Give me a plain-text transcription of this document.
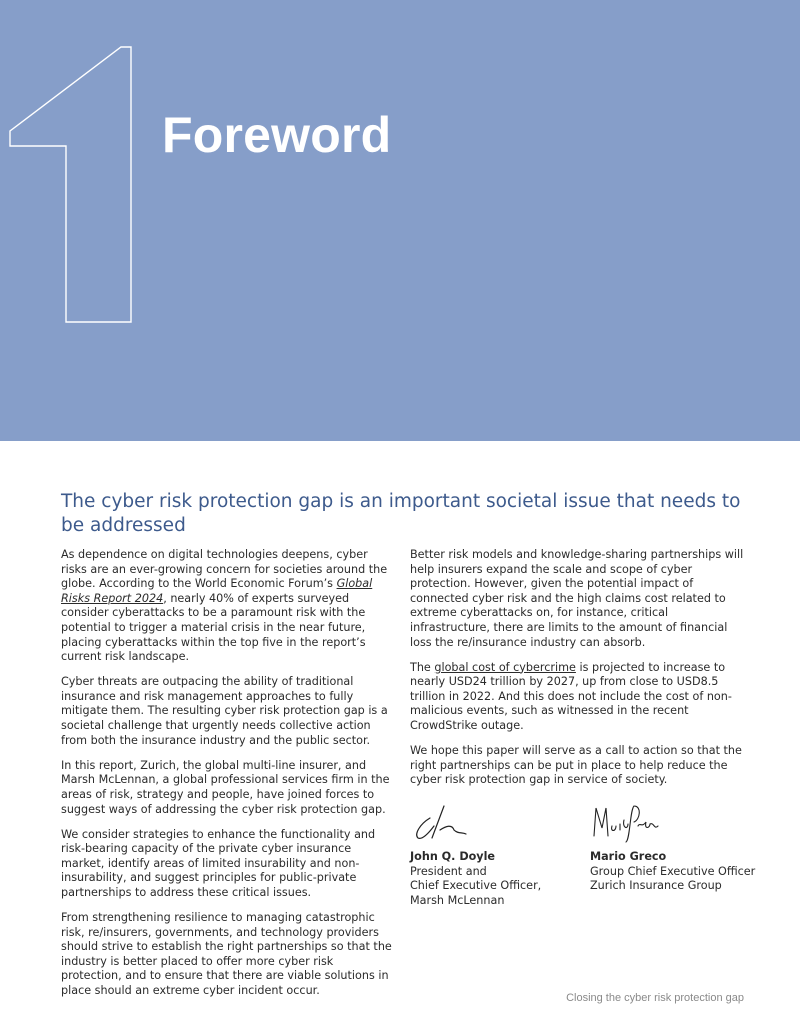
Foreword
The cyber risk protection gap is an important societal issue that needs to be addressed

As dependence on digital technologies deepens, cyber risks are an ever-growing concern for societies around the globe. According to the World Economic Forum’s Global Risks Report 2024, nearly 40% of experts surveyed consider cyberattacks to be a paramount risk with the potential to trigger a material crisis in the near future, placing cyberattacks within the top five in the report’s current risk landscape.

Cyber threats are outpacing the ability of traditional insurance and risk management approaches to fully mitigate them. The resulting cyber risk protection gap is a societal challenge that urgently needs collective action from both the insurance industry and the public sector.

In this report, Zurich, the global multi-line insurer, and Marsh McLennan, a global professional services firm in the areas of risk, strategy and people, have joined forces to suggest ways of addressing the cyber risk protection gap.

We consider strategies to enhance the functionality and risk-bearing capacity of the private cyber insurance market, identify areas of limited insurability and non-insurability, and suggest principles for public-private partnerships to address these critical issues.

From strengthening resilience to managing catastrophic risk, re/insurers, governments, and technology providers should strive to establish the right partnerships so that the industry is better placed to offer more cyber risk protection, and to ensure that there are viable solutions in place should an extreme cyber incident occur.

Better risk models and knowledge-sharing partnerships will help insurers expand the scale and scope of cyber protection. However, given the potential impact of connected cyber risk and the high claims cost related to extreme cyberattacks on, for instance, critical infrastructure, there are limits to the amount of financial loss the re/insurance industry can absorb.

The global cost of cybercrime is projected to increase to nearly USD24 trillion by 2027, up from close to USD8.5 trillion in 2022. And this does not include the cost of non-malicious events, such as witnessed in the recent CrowdStrike outage.

We hope this paper will serve as a call to action so that the right partnerships can be put in place to help reduce the cyber risk protection gap in service of society.

John Q. Doyle
President and
Chief Executive Officer,
Marsh McLennan
Mario Greco
Group Chief Executive Officer
Zurich Insurance Group
Closing the cyber risk protection gap
